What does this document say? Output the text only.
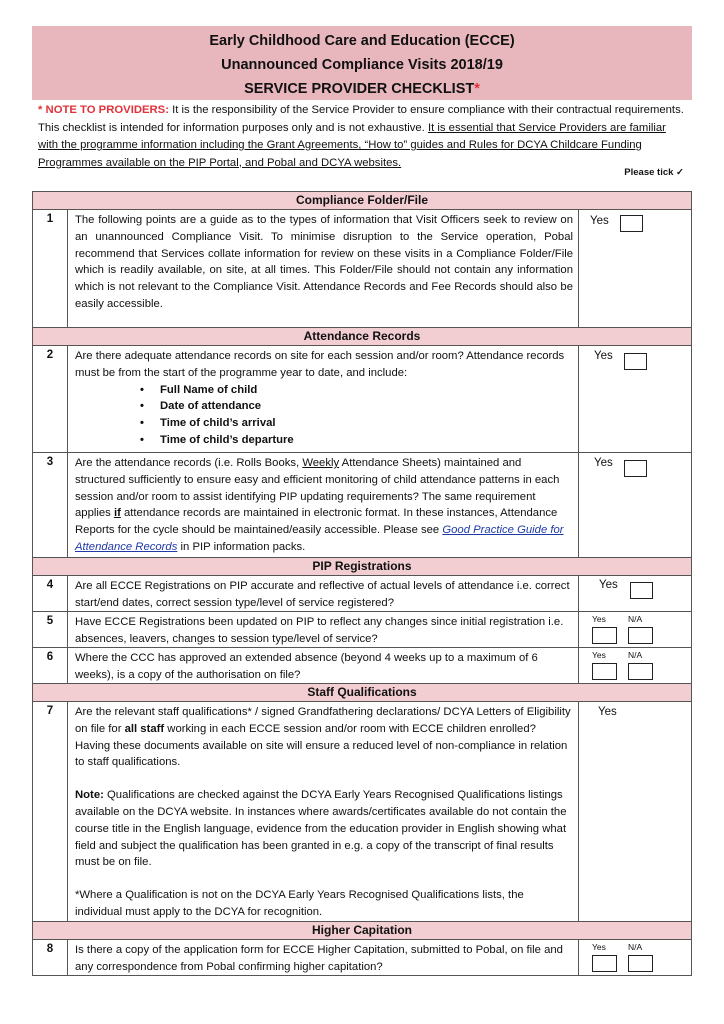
Early Childhood Care and Education (ECCE)
Unannounced Compliance Visits 2018/19
SERVICE PROVIDER CHECKLIST*
* NOTE TO PROVIDERS: It is the responsibility of the Service Provider to ensure compliance with their contractual requirements. This checklist is intended for information purposes only and is not exhaustive. It is essential that Service Providers are familiar with the programme information including the Grant Agreements, “How to” guides and Rules for DCYA Childcare Funding Programmes available on the PIP Portal, and Pobal and DCYA websites.
Please tick ✓
Compliance Folder/File
1	The following points are a guide as to the types of information that Visit Officers seek to review on an unannounced Compliance Visit. To minimise disruption to the Service operation, Pobal recommend that Services collate information for review on these visits in a Compliance Folder/File which is readily available, on site, at all times. This Folder/File should not contain any information which is not relevant to the Compliance Visit. Attendance Records and Fee Records should also be easily accessible.
Yes
Attendance Records
2	Are there adequate attendance records on site for each session and/or room? Attendance records must be from the start of the programme year to date, and include:
• Full Name of child
• Date of attendance
• Time of child’s arrival
• Time of child’s departure
Yes
3	Are the attendance records (i.e. Rolls Books, Weekly Attendance Sheets) maintained and structured sufficiently to ensure easy and efficient monitoring of child attendance patterns in each session and/or room to assist identifying PIP updating requirements? The same requirement applies if attendance records are maintained in electronic format. In these instances, Attendance Reports for the cycle should be maintained/easily accessible. Please see Good Practice Guide for Attendance Records in PIP information packs.
Yes
PIP Registrations
4	Are all ECCE Registrations on PIP accurate and reflective of actual levels of attendance i.e. correct start/end dates, correct session type/level of service registered?
Yes
5	Have ECCE Registrations been updated on PIP to reflect any changes since initial registration i.e. absences, leavers, changes to session type/level of service?
Yes	N/A
6	Where the CCC has approved an extended absence (beyond 4 weeks up to a maximum of 6 weeks), is a copy of the authorisation on file?
Yes	N/A
Staff Qualifications
7	Are the relevant staff qualifications* / signed Grandfathering declarations/ DCYA Letters of Eligibility on file for all staff working in each ECCE session and/or room with ECCE children enrolled? Having these documents available on site will ensure a reduced level of non-compliance in relation to staff qualifications.
Note: Qualifications are checked against the DCYA Early Years Recognised Qualifications listings available on the DCYA website. In instances where awards/certificates available do not contain the course title in the English language, evidence from the education provider in English showing what field and subject the qualification has been granted in e.g. a copy of the transcript of final results must be on file.
*Where a Qualification is not on the DCYA Early Years Recognised Qualifications lists, the individual must apply to the DCYA for recognition.
Yes
Higher Capitation
8	Is there a copy of the application form for ECCE Higher Capitation, submitted to Pobal, on file and any correspondence from Pobal confirming higher capitation?
Yes	N/A
